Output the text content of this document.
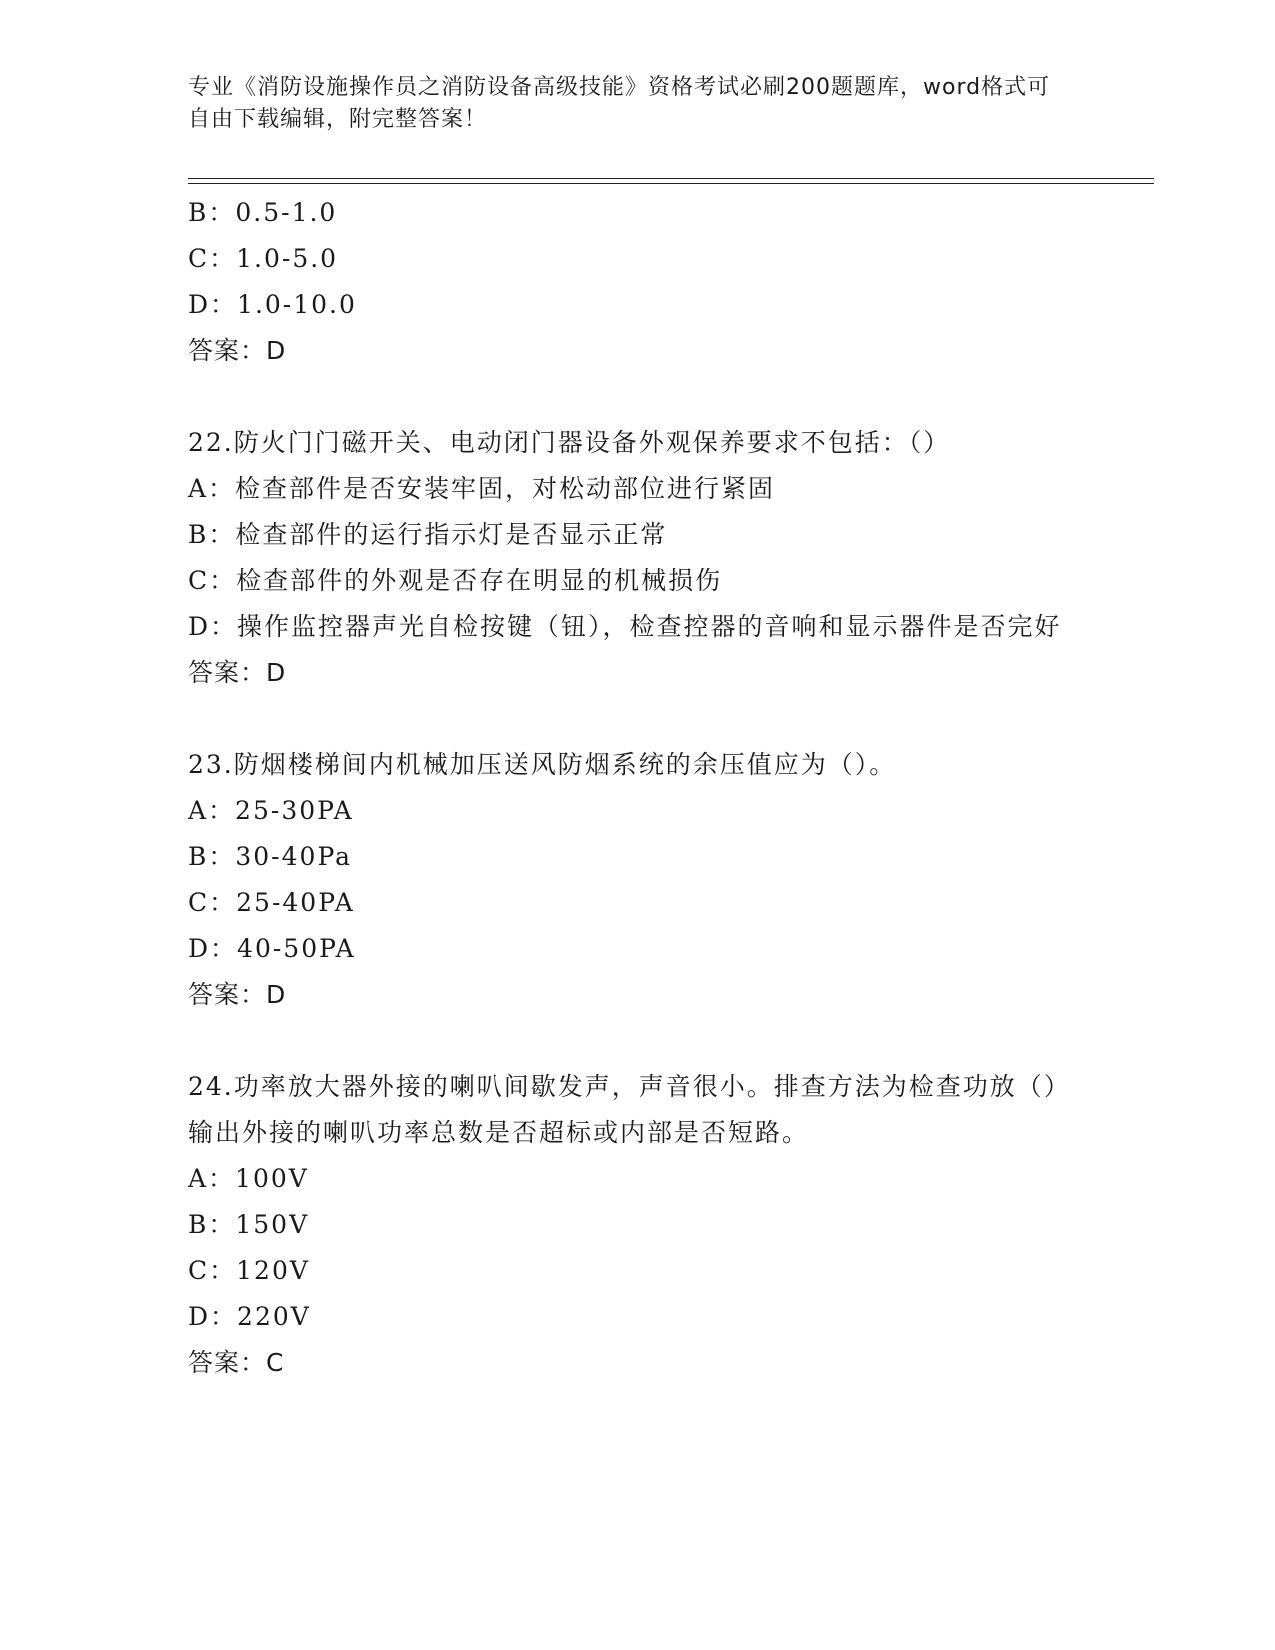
专业《消防设施操作员之消防设备高级技能》资格考试必刷200题题库，word格式可自由下载编辑，附完整答案！
B：0.5-1.0
C：1.0-5.0
D：1.0-10.0
答案：D
22.防火门门磁开关、电动闭门器设备外观保养要求不包括：（）
A：检查部件是否安装牢固，对松动部位进行紧固
B：检查部件的运行指示灯是否显示正常
C：检查部件的外观是否存在明显的机械损伤
D：操作监控器声光自检按键（钮），检查控器的音响和显示器件是否完好
答案：D
23.防烟楼梯间内机械加压送风防烟系统的余压值应为（）。
A：25-30PA
B：30-40Pa
C：25-40PA
D：40-50PA
答案：D
24.功率放大器外接的喇叭间歇发声，声音很小。排查方法为检查功放（）输出外接的喇叭功率总数是否超标或内部是否短路。
A：100V
B：150V
C：120V
D：220V
答案：C
